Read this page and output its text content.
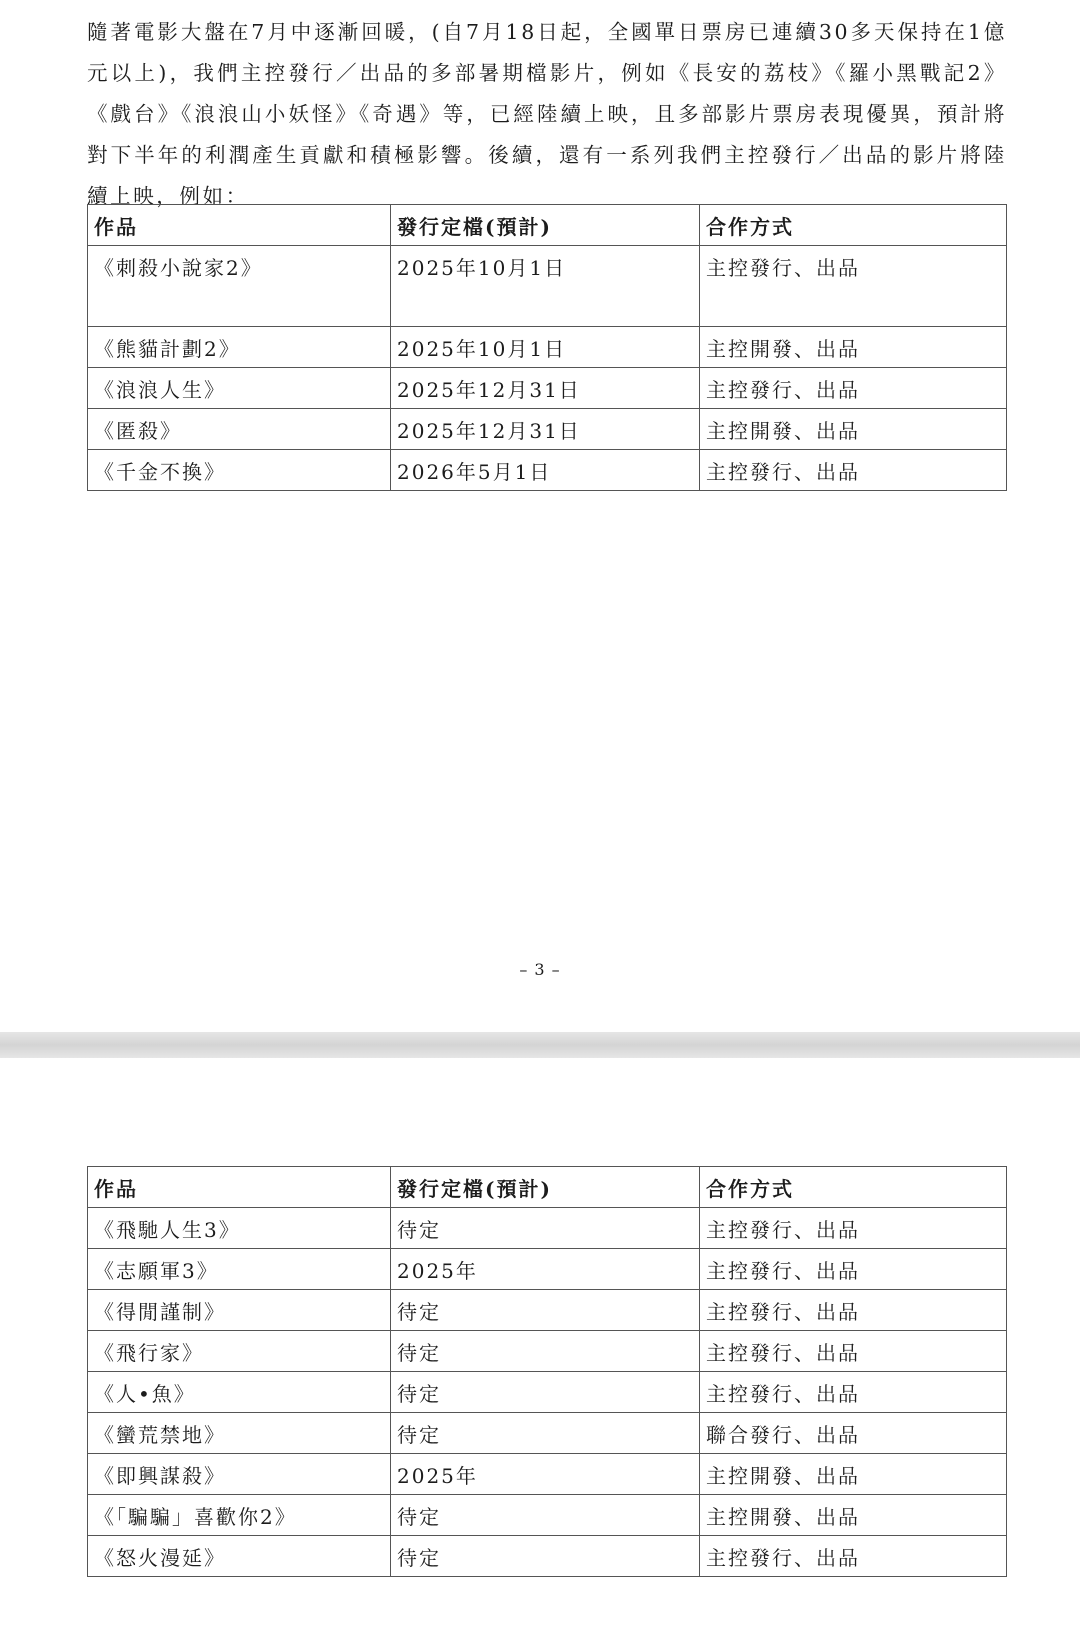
隨著電影大盤在7月中逐漸回暖，(自7月18日起，全國單日票房已連續30多天保持在1億元以上)，我們主控發行／出品的多部暑期檔影片，例如《長安的荔枝》《羅小黑戰記2》《戲台》《浪浪山小妖怪》《奇遇》等，已經陸續上映，且多部影片票房表現優異，預計將對下半年的利潤產生貢獻和積極影響。後續，還有一系列我們主控發行／出品的影片將陸續上映，例如：

作品	發行定檔(預計)	合作方式
《刺殺小說家2》	2025年10月1日	主控發行、出品
《熊貓計劃2》	2025年10月1日	主控開發、出品
《浪浪人生》	2025年12月31日	主控發行、出品
《匿殺》	2025年12月31日	主控開發、出品
《千金不換》	2026年5月1日	主控發行、出品
– 3 –
作品	發行定檔(預計)	合作方式
《飛馳人生3》	待定	主控發行、出品
《志願軍3》	2025年	主控發行、出品
《得閒謹制》	待定	主控發行、出品
《飛行家》	待定	主控發行、出品
《人•魚》	待定	主控發行、出品
《蠻荒禁地》	待定	聯合發行、出品
《即興謀殺》	2025年	主控開發、出品
《「騙騙」喜歡你2》	待定	主控開發、出品
《怒火漫延》	待定	主控發行、出品
